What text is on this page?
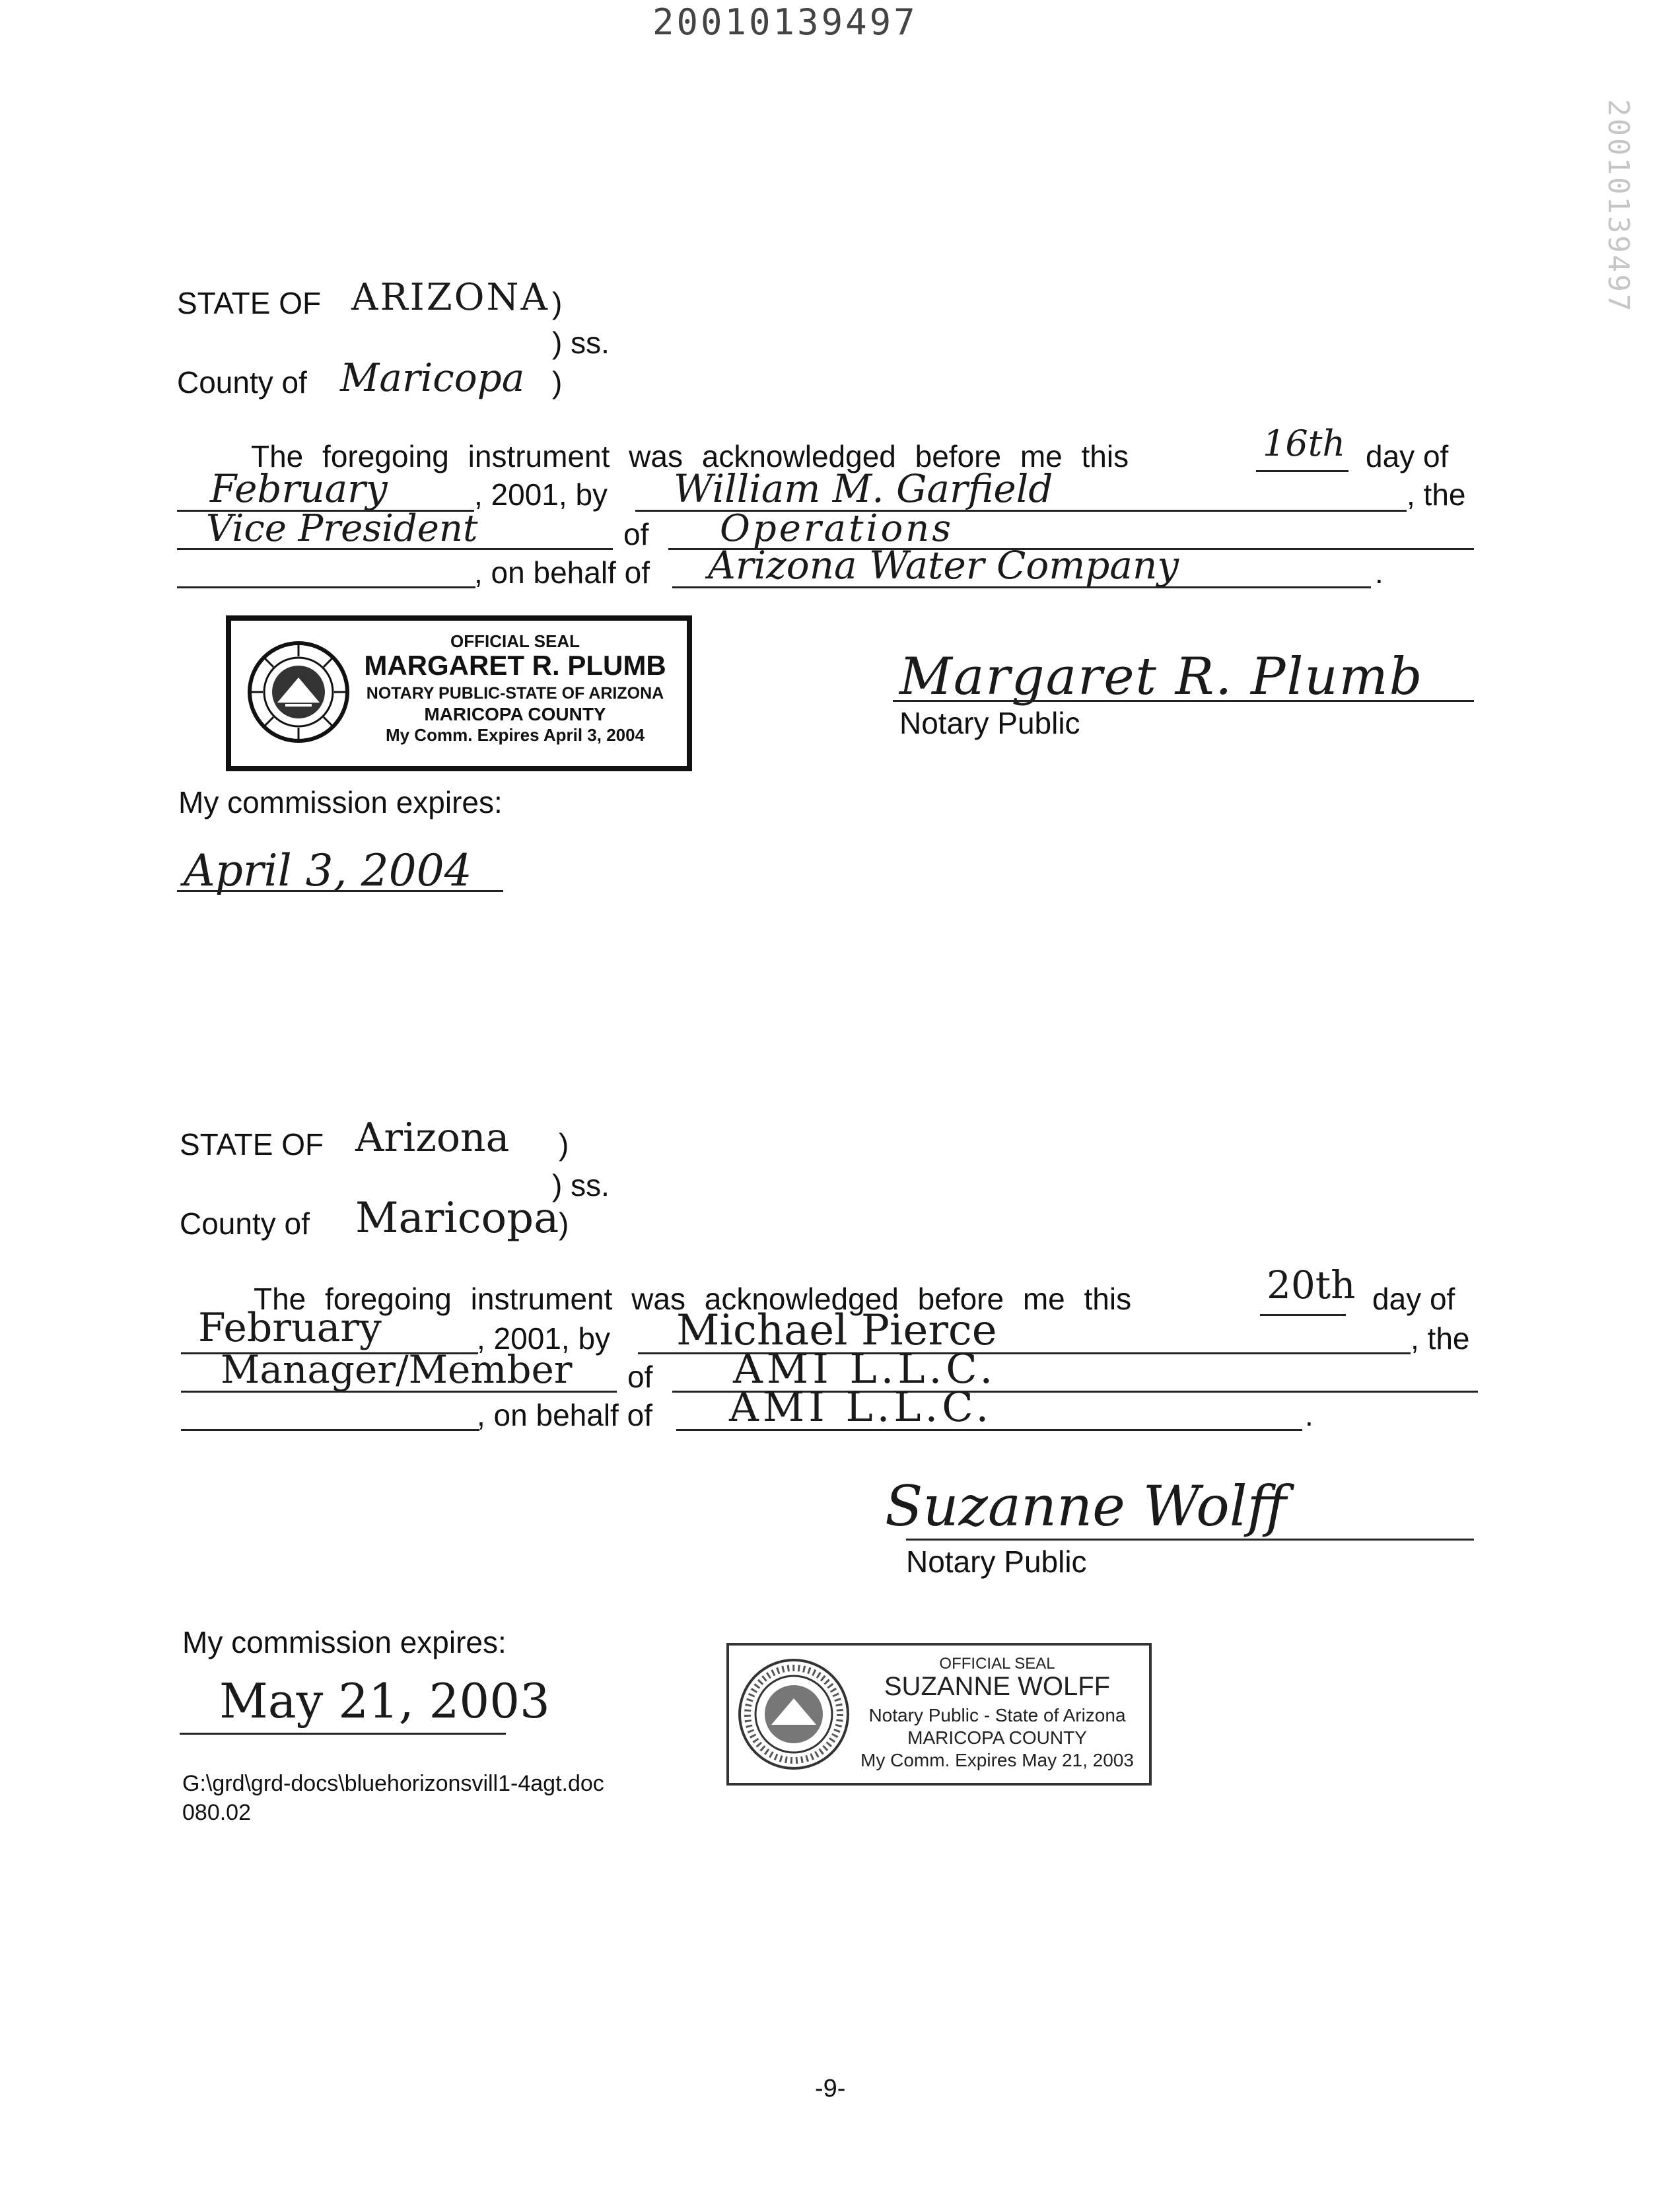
20010139497
20010139497
STATE OF ARIZONA )
) ss.
County of Maricopa )
The foregoing instrument was acknowledged before me this	16th day of
February	, 2001, by William M. Garfield	, the
Vice President	of Operations
, on behalf of Arizona Water Company	.
OFFICIAL SEAL
MARGARET R. PLUMB
NOTARY PUBLIC-STATE OF ARIZONA
MARICOPA COUNTY
My Comm. Expires April 3, 2004
Margaret R. Plumb
Notary Public
My commission expires:
April 3, 2004
STATE OF Arizona )
) ss.
County of Maricopa )
The foregoing instrument was acknowledged before me this	20th day of
February	, 2001, by Michael Pierce	, the
Manager/Member of AMI L.L.C.
, on behalf of AMI L.L.C.	.
Suzanne Wolff
Notary Public
My commission expires:
May 21, 2003
OFFICIAL SEAL
SUZANNE WOLFF
Notary Public - State of Arizona
MARICOPA COUNTY
My Comm. Expires May 21, 2003
G:\grd\grd-docs\bluehorizonsvill1-4agt.doc
080.02
-9-
